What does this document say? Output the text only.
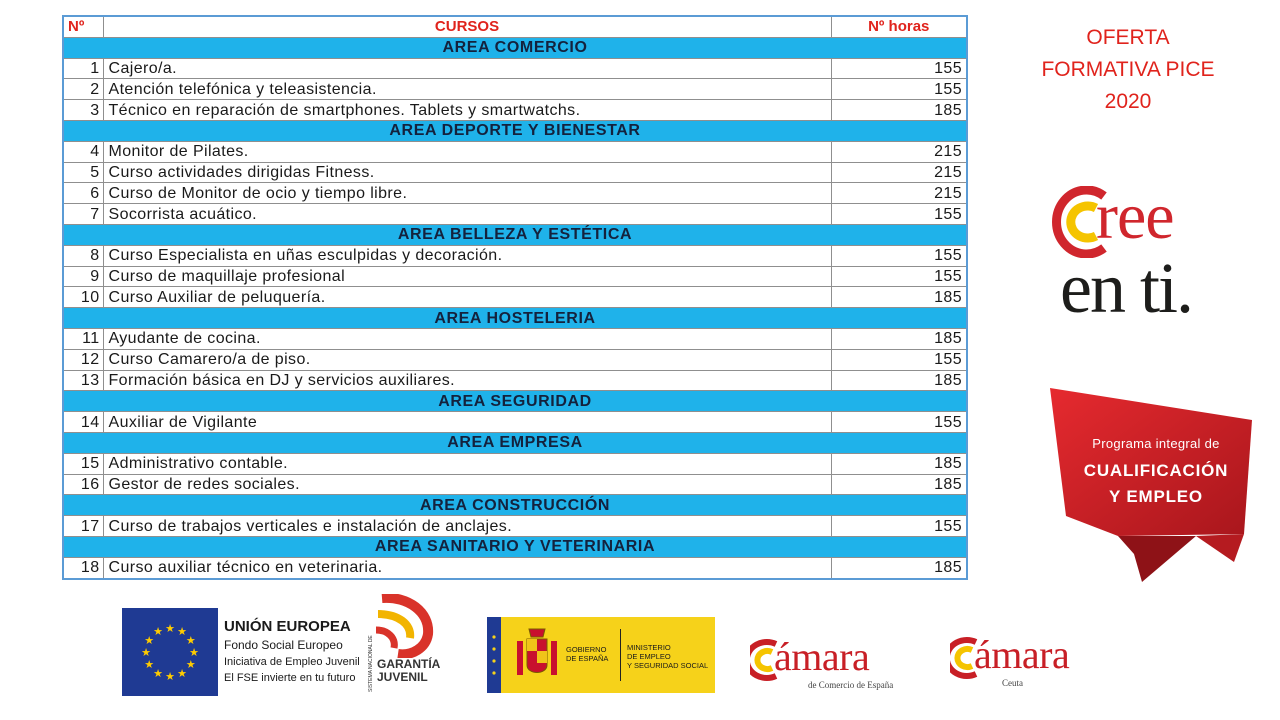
Nº	CURSOS	Nº horas
AREA COMERCIO		
1	Cajero/a.	155
2	Atención telefónica y teleasistencia.	155
3	Técnico en reparación de smartphones. Tablets y smartwatchs.	185
AREA DEPORTE Y BIENESTAR		
4	Monitor de Pilates.	215
5	Curso actividades dirigidas Fitness.	215
6	Curso de Monitor de ocio y tiempo libre.	215
7	Socorrista acuático.	155
AREA BELLEZA Y ESTÉTICA		
8	Curso Especialista en uñas esculpidas y decoración.	155
9	Curso de maquillaje profesional	155
10	Curso Auxiliar de peluquería.	185
AREA HOSTELERIA		
11	Ayudante de cocina.	185
12	Curso Camarero/a de piso.	155
13	Formación básica en DJ y servicios auxiliares.	185
AREA SEGURIDAD		
14	Auxiliar de Vigilante	155
AREA EMPRESA		
15	Administrativo contable.	185
16	Gestor de redes sociales.	185
AREA CONSTRUCCIÓN		
17	Curso de trabajos verticales e instalación de anclajes.	155
AREA SANITARIO Y VETERINARIA		
18	Curso auxiliar técnico en veterinaria.	185
OFERTA
FORMATIVA PICE
2020
ree
en ti.
Programa integral de
CUALIFICACIÓN
Y EMPLEO
★
★
★
★
★
★
★
★
★ ★ ★
★
UNIÓN EUROPEA
Fondo Social Europeo
Iniciativa de Empleo Juvenil
El FSE invierte en tu futuro	SISTEMA NACIONAL DE GARANTÍA
JUVENIL
GOBIERNO
DE ESPAÑA
MINISTERIO
DE EMPLEO
Y SEGURIDAD SOCIAL ámara
de Comercio de España
ámara
Ceuta
